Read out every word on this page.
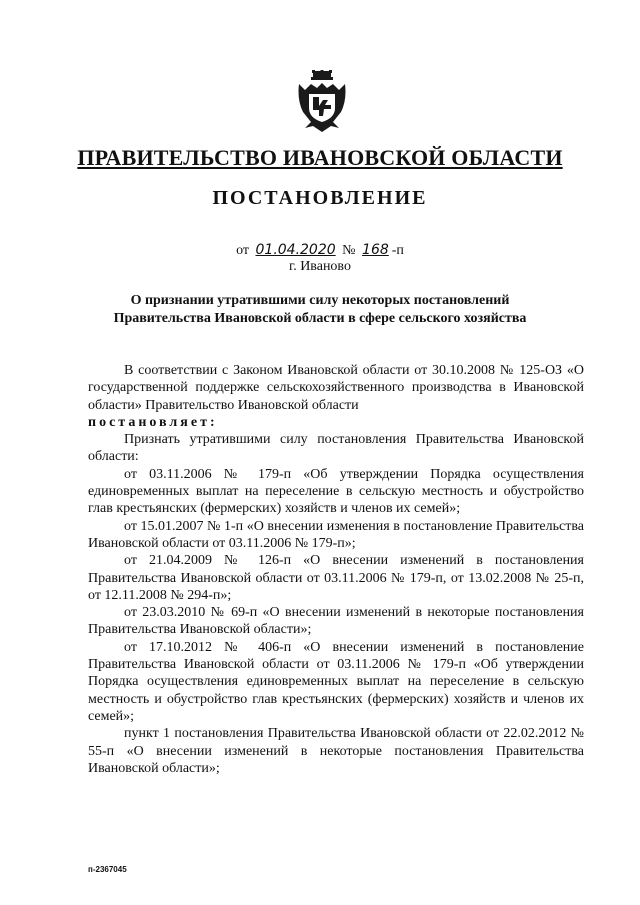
ПРАВИТЕЛЬСТВО ИВАНОВСКОЙ ОБЛАСТИ
ПОСТАНОВЛЕНИЕ
от 01.04.2020 № 168 -п
г. Иваново
О признании утратившими силу некоторых постановлений
Правительства Ивановской области в сфере сельского хозяйства

В соответствии с Законом Ивановской области от 30.10.2008 № 125-ОЗ «О государственной поддержке сельскохозяйственного производства в Ивановской области» Правительство Ивановской области

постановляет:

Признать утратившими силу постановления Правительства Ивановской области:

от 03.11.2006 № 179-п «Об утверждении Порядка осуществления единовременных выплат на переселение в сельскую местность и обустройство глав крестьянских (фермерских) хозяйств и членов их семей»;

от 15.01.2007 № 1-п «О внесении изменения в постановление Правительства Ивановской области от 03.11.2006 № 179-п»;

от 21.04.2009 № 126-п «О внесении изменений в постановления Правительства Ивановской области от 03.11.2006 № 179-п, от 13.02.2008 № 25-п, от 12.11.2008 № 294-п»;

от 23.03.2010 № 69-п «О внесении изменений в некоторые постановления Правительства Ивановской области»;

от 17.10.2012 № 406-п «О внесении изменений в постановление Правительства Ивановской области от 03.11.2006 № 179-п «Об утверждении Порядка осуществления единовременных выплат на переселение в сельскую местность и обустройство глав крестьянских (фермерских) хозяйств и членов их семей»;

пункт 1 постановления Правительства Ивановской области от 22.02.2012 № 55-п «О внесении изменений в некоторые постановления Правительства Ивановской области»;

п-2367045
